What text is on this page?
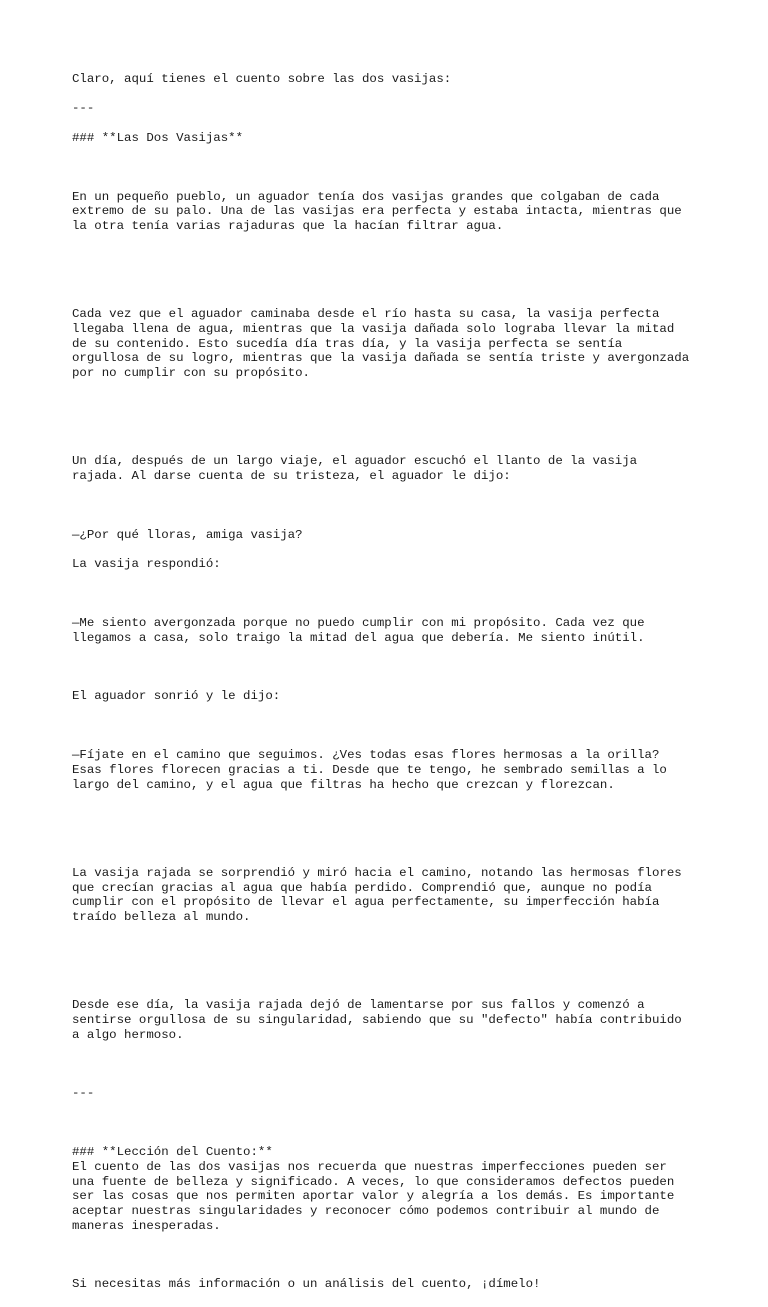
Claro, aquí tienes el cuento sobre las dos vasijas:

---

### **Las Dos Vasijas**

En un pequeño pueblo, un aguador tenía dos vasijas grandes que colgaban de cada
extremo de su palo. Una de las vasijas era perfecta y estaba intacta, mientras que
la otra tenía varias rajaduras que la hacían filtrar agua.

Cada vez que el aguador caminaba desde el río hasta su casa, la vasija perfecta
llegaba llena de agua, mientras que la vasija dañada solo lograba llevar la mitad
de su contenido. Esto sucedía día tras día, y la vasija perfecta se sentía
orgullosa de su logro, mientras que la vasija dañada se sentía triste y avergonzada
por no cumplir con su propósito.

Un día, después de un largo viaje, el aguador escuchó el llanto de la vasija
rajada. Al darse cuenta de su tristeza, el aguador le dijo:

—¿Por qué lloras, amiga vasija?

La vasija respondió:

—Me siento avergonzada porque no puedo cumplir con mi propósito. Cada vez que
llegamos a casa, solo traigo la mitad del agua que debería. Me siento inútil.

El aguador sonrió y le dijo:

—Fíjate en el camino que seguimos. ¿Ves todas esas flores hermosas a la orilla?
Esas flores florecen gracias a ti. Desde que te tengo, he sembrado semillas a lo
largo del camino, y el agua que filtras ha hecho que crezcan y florezcan.

La vasija rajada se sorprendió y miró hacia el camino, notando las hermosas flores
que crecían gracias al agua que había perdido. Comprendió que, aunque no podía
cumplir con el propósito de llevar el agua perfectamente, su imperfección había
traído belleza al mundo.

Desde ese día, la vasija rajada dejó de lamentarse por sus fallos y comenzó a
sentirse orgullosa de su singularidad, sabiendo que su "defecto" había contribuido
a algo hermoso.

---

### **Lección del Cuento:**
El cuento de las dos vasijas nos recuerda que nuestras imperfecciones pueden ser
una fuente de belleza y significado. A veces, lo que consideramos defectos pueden
ser las cosas que nos permiten aportar valor y alegría a los demás. Es importante
aceptar nuestras singularidades y reconocer cómo podemos contribuir al mundo de
maneras inesperadas.

Si necesitas más información o un análisis del cuento, ¡dímelo!
